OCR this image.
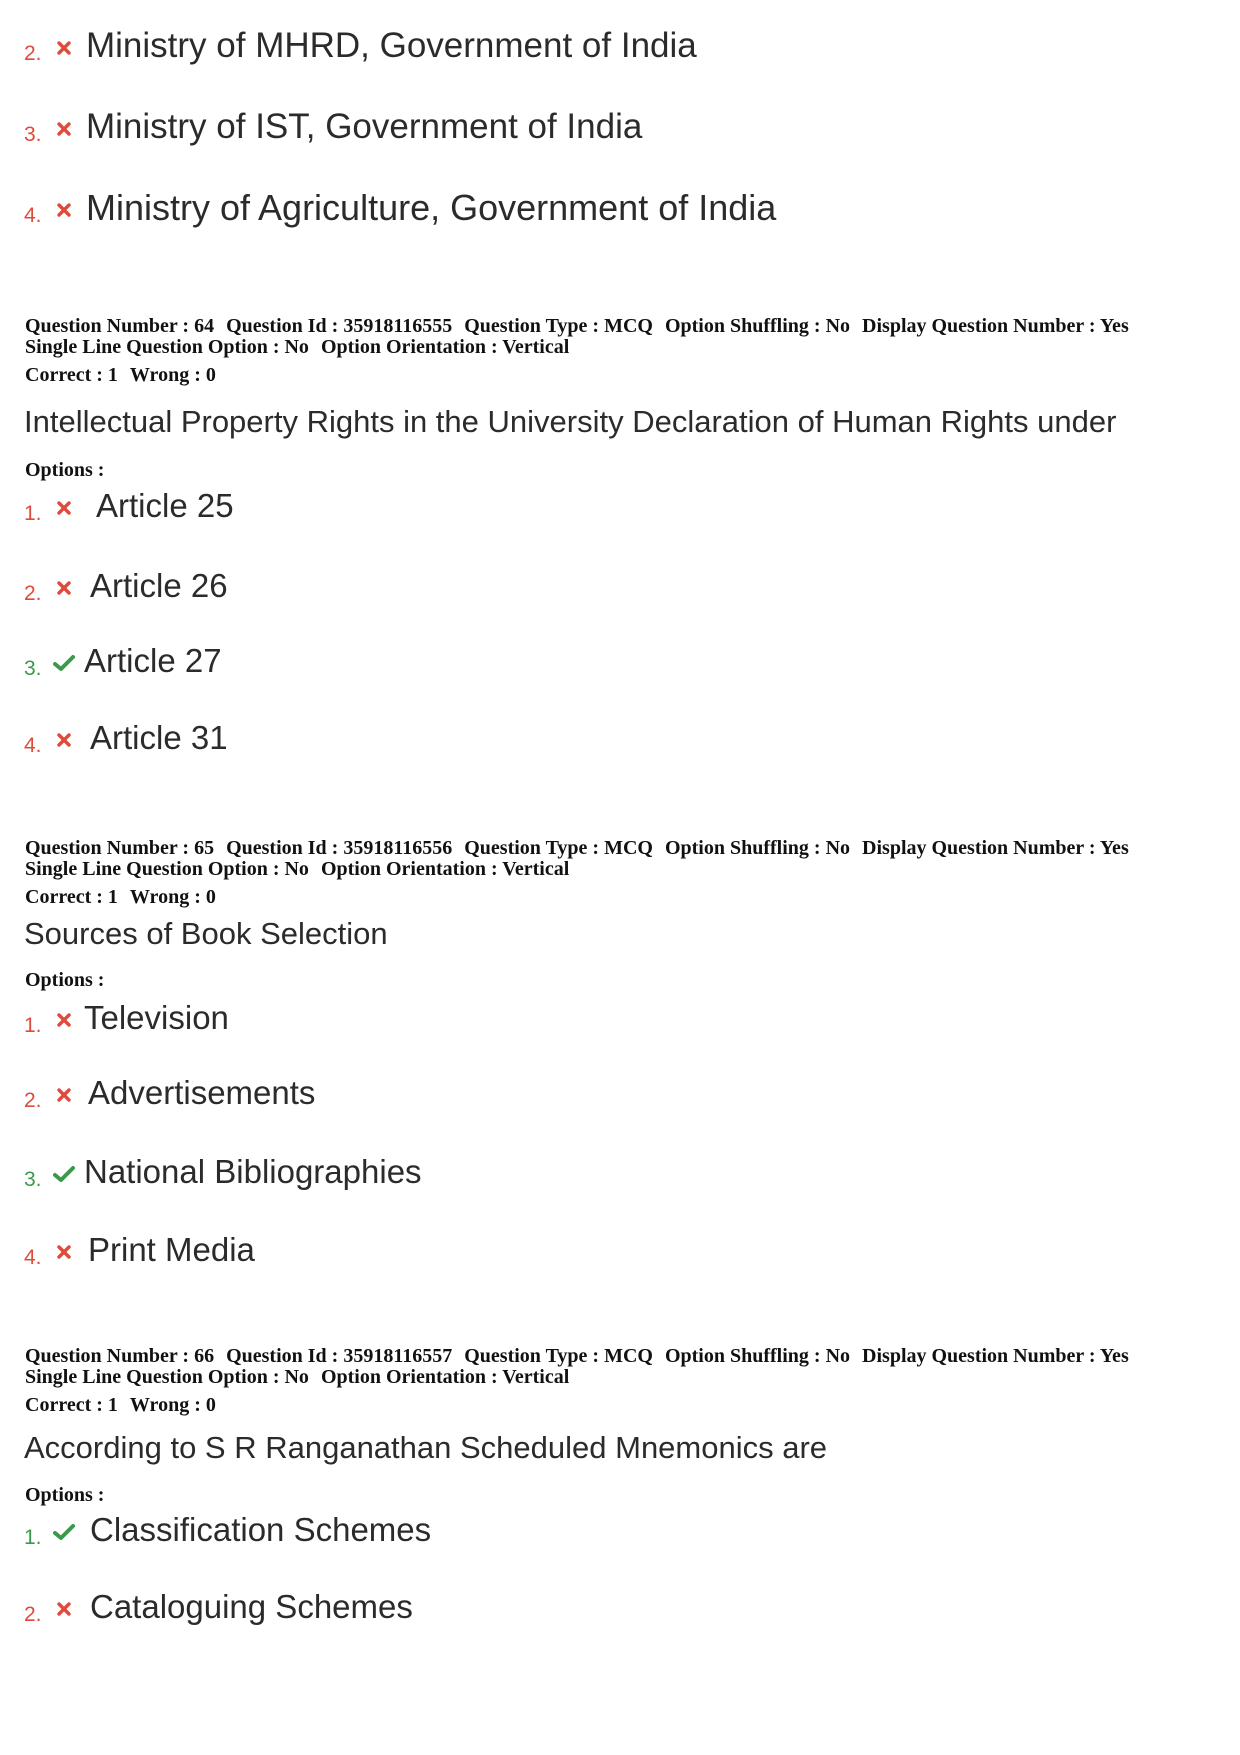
2. Ministry of MHRD, Government of India
3. Ministry of IST, Government of India
4. Ministry of Agriculture, Government of India
Question Number : 64 Question Id : 35918116555 Question Type : MCQ Option Shuffling : No Display Question Number : Yes
Single Line Question Option : No Option Orientation : Vertical
Correct : 1 Wrong : 0
Intellectual Property Rights in the University Declaration of Human Rights under
Options :
1. Article 25
2. Article 26
3. Article 27
4. Article 31
Question Number : 65 Question Id : 35918116556 Question Type : MCQ Option Shuffling : No Display Question Number : Yes
Single Line Question Option : No Option Orientation : Vertical
Correct : 1 Wrong : 0
Sources of Book Selection
Options :
1. Television
2. Advertisements
3. National Bibliographies
4. Print Media
Question Number : 66 Question Id : 35918116557 Question Type : MCQ Option Shuffling : No Display Question Number : Yes
Single Line Question Option : No Option Orientation : Vertical
Correct : 1 Wrong : 0
According to S R Ranganathan Scheduled Mnemonics are
Options :
1. Classification Schemes
2. Cataloguing Schemes
